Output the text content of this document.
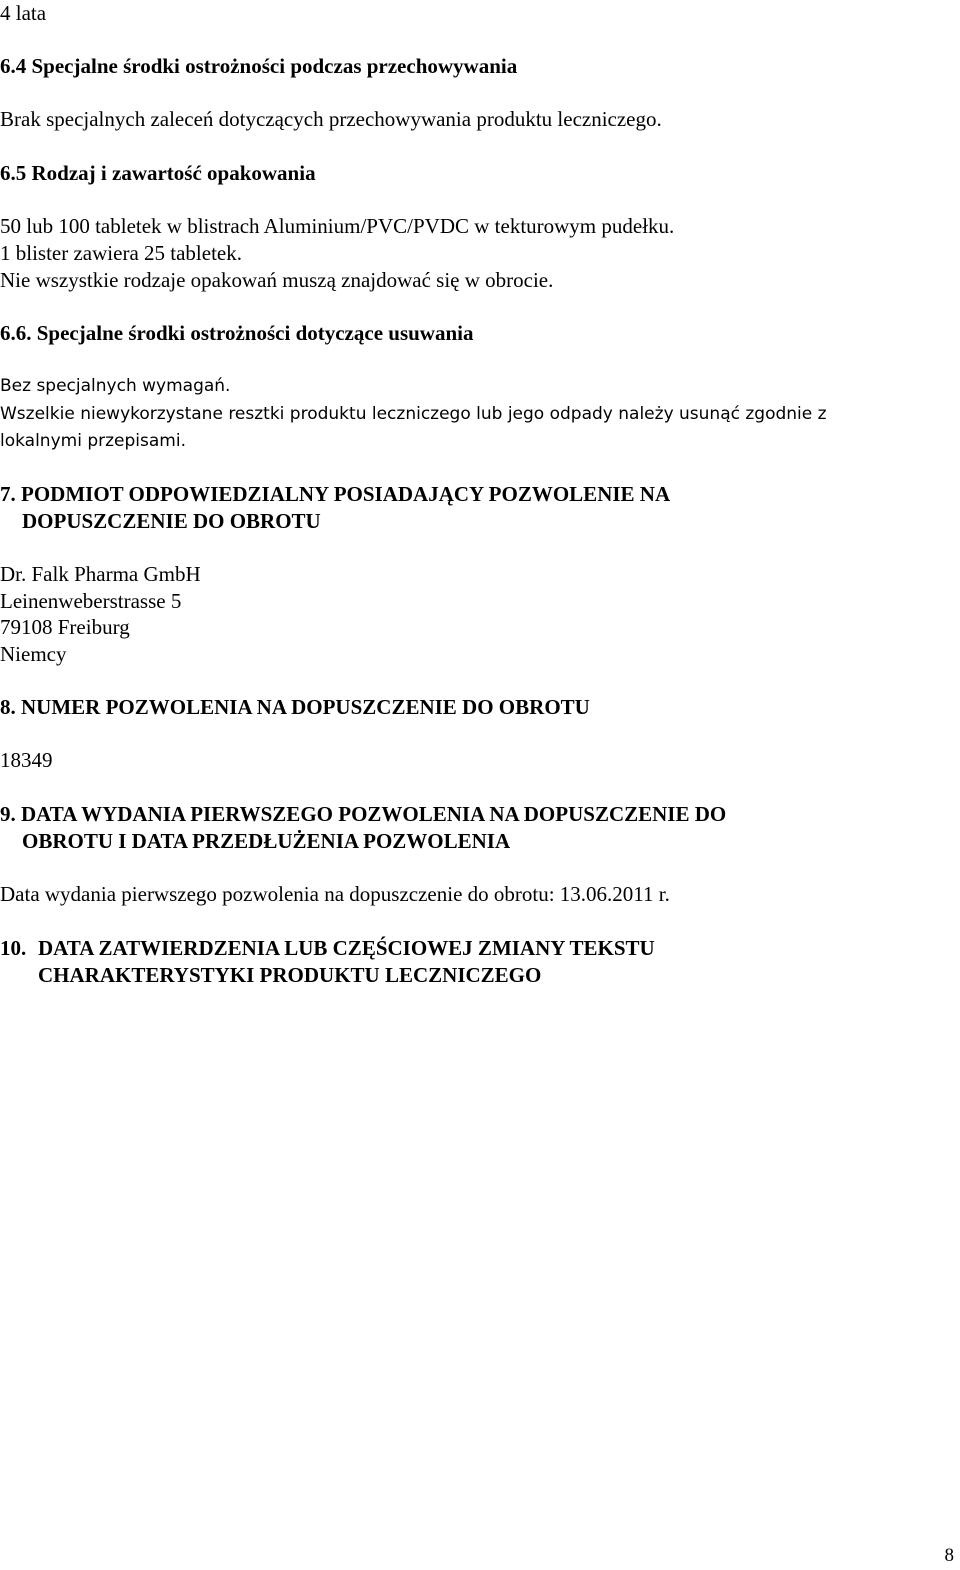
4 lata
6.4 Specjalne środki ostrożności podczas przechowywania
Brak specjalnych zaleceń dotyczących przechowywania produktu leczniczego.
6.5 Rodzaj i zawartość opakowania
50 lub 100 tabletek w blistrach Aluminium/PVC/PVDC w tekturowym pudełku.
1 blister zawiera 25 tabletek.
Nie wszystkie rodzaje opakowań muszą znajdować się w obrocie.
6.6. Specjalne środki ostrożności dotyczące usuwania
Bez specjalnych wymagań.
Wszelkie niewykorzystane resztki produktu leczniczego lub jego odpady należy usunąć zgodnie z
lokalnymi przepisami.
7. PODMIOT ODPOWIEDZIALNY POSIADAJĄCY POZWOLENIE NA
DOPUSZCZENIE DO OBROTU
Dr. Falk Pharma GmbH
Leinenweberstrasse 5
79108 Freiburg
Niemcy
8. NUMER POZWOLENIA NA DOPUSZCZENIE DO OBROTU
18349
9. DATA WYDANIA PIERWSZEGO POZWOLENIA NA DOPUSZCZENIE DO
OBROTU I DATA PRZEDŁUŻENIA POZWOLENIA
Data wydania pierwszego pozwolenia na dopuszczenie do obrotu: 13.06.2011 r.
10. DATA ZATWIERDZENIA LUB CZĘŚCIOWEJ ZMIANY TEKSTU
CHARAKTERYSTYKI PRODUKTU LECZNICZEGO
8
